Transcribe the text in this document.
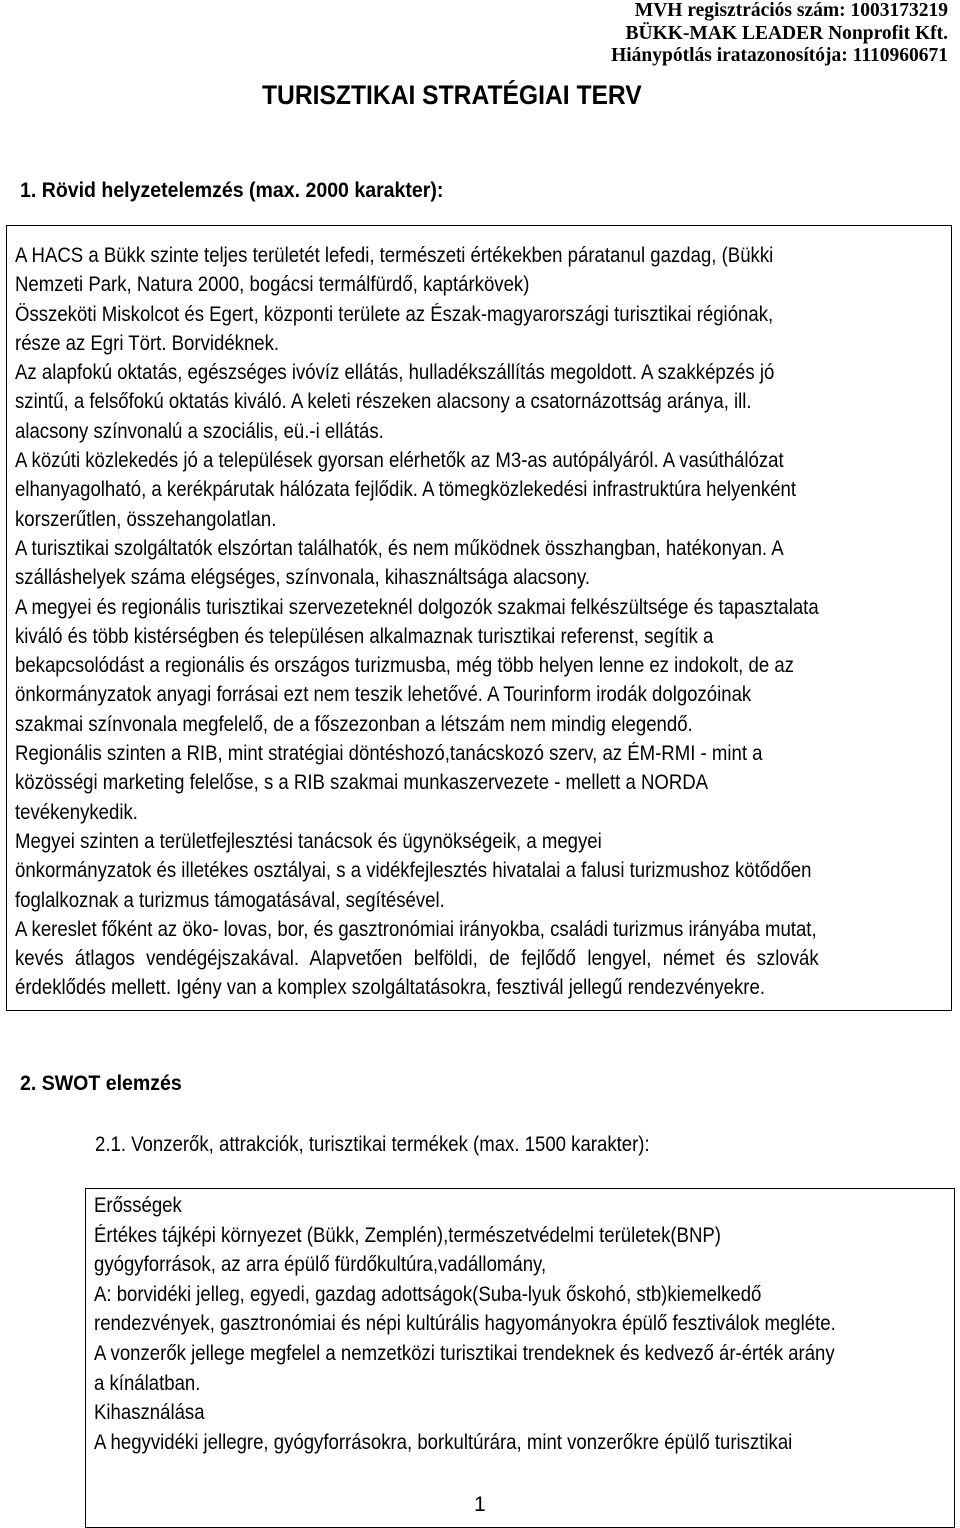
MVH regisztrációs szám: 1003173219
BÜKK-MAK LEADER Nonprofit Kft.
Hiánypótlás iratazonosítója: 1110960671
TURISZTIKAI STRATÉGIAI TERV
1. Rövid helyzetelemzés (max. 2000 karakter):
A HACS a Bükk szinte teljes területét lefedi, természeti értékekben páratanul gazdag, (Bükki
Nemzeti Park, Natura 2000, bogácsi termálfürdő, kaptárkövek)
Összeköti Miskolcot és Egert, központi területe az Észak-magyarországi turisztikai régiónak,
része az Egri Tört. Borvidéknek.
Az alapfokú oktatás, egészséges ivóvíz ellátás, hulladékszállítás megoldott. A szakképzés jó
szintű, a felsőfokú oktatás kiváló. A keleti részeken alacsony a csatornázottság aránya, ill.
alacsony színvonalú a szociális, eü.-i ellátás.
A közúti közlekedés jó a települések gyorsan elérhetők az M3-as autópályáról. A vasúthálózat
elhanyagolható, a kerékpárutak hálózata fejlődik. A tömegközlekedési infrastruktúra helyenként
korszerűtlen, összehangolatlan.
A turisztikai szolgáltatók elszórtan találhatók, és nem működnek összhangban, hatékonyan. A
szálláshelyek száma elégséges, színvonala, kihasználtsága alacsony.
A megyei és regionális turisztikai szervezeteknél dolgozók szakmai felkészültsége és tapasztalata
kiváló és több kistérségben és településen alkalmaznak turisztikai referenst, segítik a
bekapcsolódást a regionális és országos turizmusba, még több helyen lenne ez indokolt, de az
önkormányzatok anyagi forrásai ezt nem teszik lehetővé. A Tourinform irodák dolgozóinak
szakmai színvonala megfelelő, de a főszezonban a létszám nem mindig elegendő.
Regionális szinten a RIB, mint stratégiai döntéshozó,tanácskozó szerv, az ÉM-RMI - mint a
közösségi marketing felelőse, s a RIB szakmai munkaszervezete - mellett a NORDA
tevékenykedik.
Megyei szinten a területfejlesztési tanácsok és ügynökségeik, a megyei
önkormányzatok és illetékes osztályai, s a vidékfejlesztés hivatalai a falusi turizmushoz kötődően
foglalkoznak a turizmus támogatásával, segítésével.
A kereslet főként az öko- lovas, bor, és gasztronómiai irányokba, családi turizmus irányába mutat,
kevés átlagos vendégéjszakával. Alapvetően belföldi, de fejlődő lengyel, német és szlovák
érdeklődés mellett. Igény van a komplex szolgáltatásokra, fesztivál jellegű rendezvényekre.
2. SWOT elemzés
2.1. Vonzerők, attrakciók, turisztikai termékek (max. 1500 karakter):
Erősségek
Értékes tájképi környezet (Bükk, Zemplén),természetvédelmi területek(BNP)
gyógyforrások, az arra épülő fürdőkultúra,vadállomány,
A: borvidéki jelleg, egyedi, gazdag adottságok(Suba-lyuk őskohó, stb)kiemelkedő
rendezvények, gasztronómiai és népi kultúrális hagyományokra épülő fesztiválok megléte.
A vonzerők jellege megfelel a nemzetközi turisztikai trendeknek és kedvező ár-érték arány
a kínálatban.
Kihasználása
A hegyvidéki jellegre, gyógyforrásokra, borkultúrára, mint vonzerőkre épülő turisztikai
1
